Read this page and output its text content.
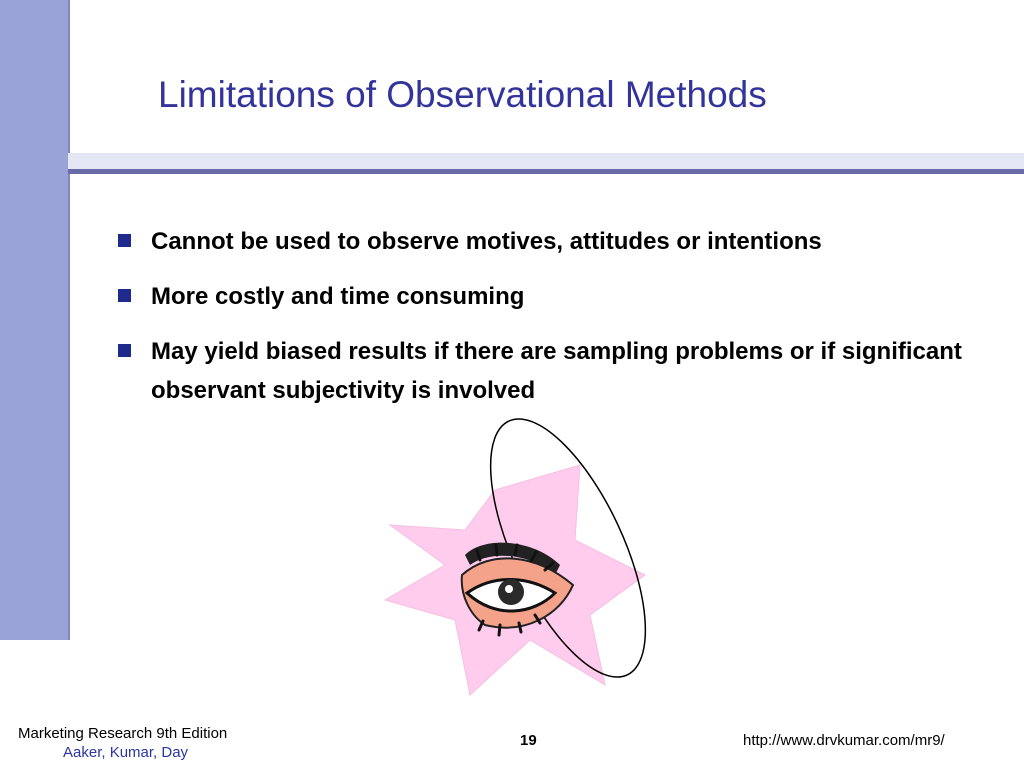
Limitations of Observational Methods
Cannot be used to observe motives, attitudes or intentions
More costly and time consuming
May yield biased results if there are sampling problems or if significant observant subjectivity is involved
Marketing Research 9th Edition
Aaker, Kumar, Day
19	http://www.drvkumar.com/mr9/
